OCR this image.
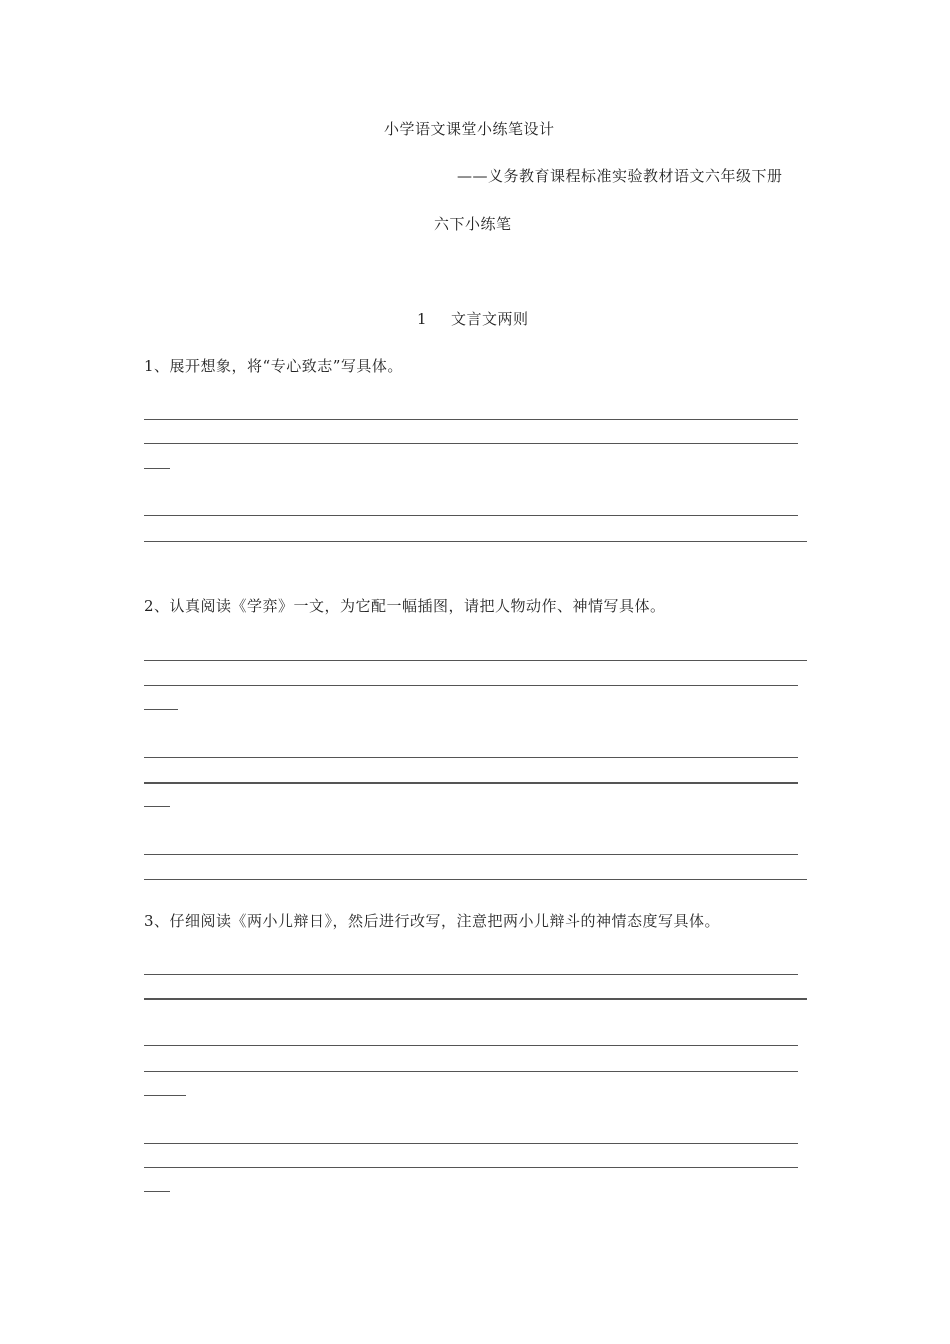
小学语文课堂小练笔设计
——义务教育课程标准实验教材语文六年级下册
六下小练笔
1 文言文两则
1、展开想象，将“专心致志”写具体。
2、认真阅读《学弈》一文，为它配一幅插图，请把人物动作、神情写具体。
3、仔细阅读《两小儿辩日》，然后进行改写，注意把两小儿辩斗的神情态度写具体。
